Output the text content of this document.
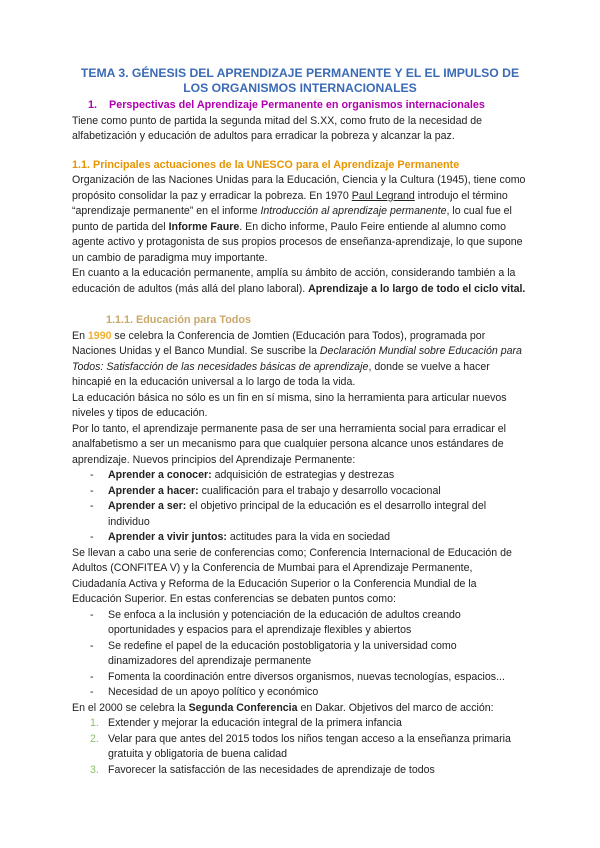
TEMA 3. GÉNESIS DEL APRENDIZAJE PERMANENTE Y EL EL IMPULSO DE LOS ORGANISMOS INTERNACIONALES
1. Perspectivas del Aprendizaje Permanente en organismos internacionales

Tiene como punto de partida la segunda mitad del S.XX, como fruto de la necesidad de alfabetización y educación de adultos para erradicar la pobreza y alcanzar la paz.

1.1. Principales actuaciones de la UNESCO para el Aprendizaje Permanente

Organización de las Naciones Unidas para la Educación, Ciencia y la Cultura (1945), tiene como propósito consolidar la paz y erradicar la pobreza. En 1970 Paul Legrand introdujo el término “aprendizaje permanente” en el informe Introducción al aprendizaje permanente, lo cual fue el punto de partida del Informe Faure. En dicho informe, Paulo Feire entiende al alumno como agente activo y protagonista de sus propios procesos de enseñanza-aprendizaje, lo que supone un cambio de paradigma muy importante.

En cuanto a la educación permanente, amplía su ámbito de acción, considerando también a la educación de adultos (más allá del plano laboral). Aprendizaje a lo largo de todo el ciclo vital.

1.1.1. Educación para Todos

En 1990 se celebra la Conferencia de Jomtien (Educación para Todos), programada por Naciones Unidas y el Banco Mundial. Se suscribe la Declaración Mundial sobre Educación para Todos: Satisfacción de las necesidades básicas de aprendizaje, donde se vuelve a hacer hincapié en la educación universal a lo largo de toda la vida.

La educación básica no sólo es un fin en sí misma, sino la herramienta para articular nuevos niveles y tipos de educación.

Por lo tanto, el aprendizaje permanente pasa de ser una herramienta social para erradicar el analfabetismo a ser un mecanismo para que cualquier persona alcance unos estándares de aprendizaje. Nuevos principios del Aprendizaje Permanente:

- Aprender a conocer: adquisición de estrategias y destrezas
- Aprender a hacer: cualificación para el trabajo y desarrollo vocacional
- Aprender a ser: el objetivo principal de la educación es el desarrollo integral del individuo
- Aprender a vivir juntos: actitudes para la vida en sociedad

Se llevan a cabo una serie de conferencias como; Conferencia Internacional de Educación de Adultos (CONFITEA V) y la Conferencia de Mumbai para el Aprendizaje Permanente, Ciudadanía Activa y Reforma de la Educación Superior o la Conferencia Mundial de la Educación Superior. En estas conferencias se debaten puntos como:

- Se enfoca a la inclusión y potenciación de la educación de adultos creando oportunidades y espacios para el aprendizaje flexibles y abiertos
- Se redefine el papel de la educación postobligatoria y la universidad como dinamizadores del aprendizaje permanente
- Fomenta la coordinación entre diversos organismos, nuevas tecnologías, espacios...
- Necesidad de un apoyo político y económico

En el 2000 se celebra la Segunda Conferencia en Dakar. Objetivos del marco de acción:

1. Extender y mejorar la educación integral de la primera infancia
2. Velar para que antes del 2015 todos los niños tengan acceso a la enseñanza primaria gratuita y obligatoria de buena calidad
3. Favorecer la satisfacción de las necesidades de aprendizaje de todos
